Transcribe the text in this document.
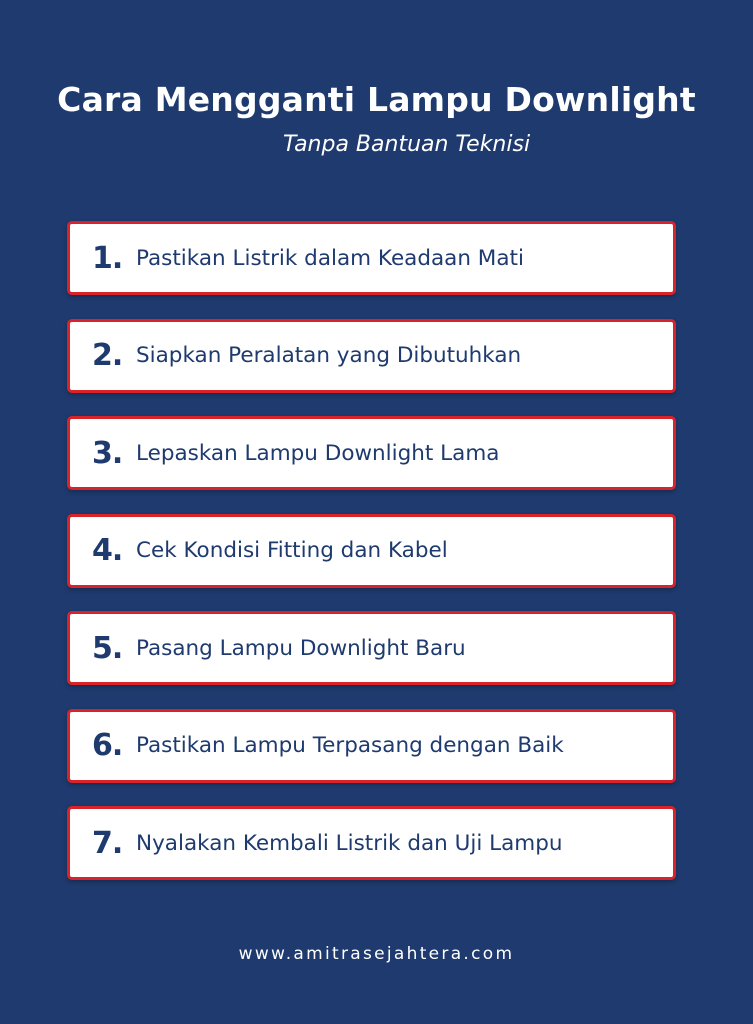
Cara Mengganti Lampu Downlight

Tanpa Bantuan Teknisi

1. Pastikan Listrik dalam Keadaan Mati
2. Siapkan Peralatan yang Dibutuhkan
3. Lepaskan Lampu Downlight Lama
4. Cek Kondisi Fitting dan Kabel
5. Pasang Lampu Downlight Baru
6. Pastikan Lampu Terpasang dengan Baik
7. Nyalakan Kembali Listrik dan Uji Lampu

www.amitrasejahtera.com
